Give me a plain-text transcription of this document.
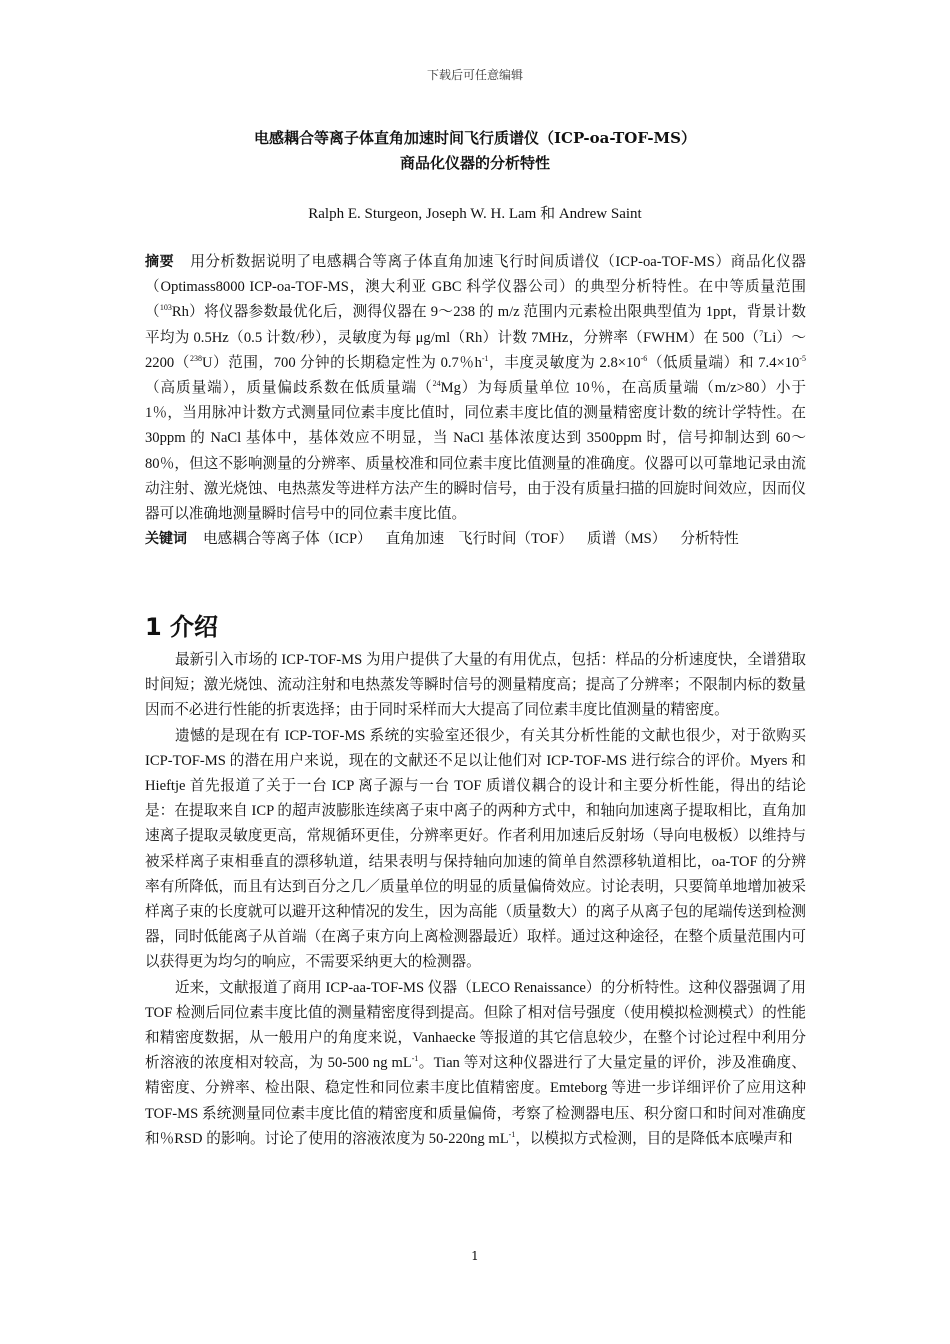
下载后可任意编辑
电感耦合等离子体直角加速时间飞行质谱仪（ICP-oa-TOF-MS）
商品化仪器的分析特性
Ralph E. Sturgeon, Joseph W. H. Lam 和 Andrew Saint
摘要 用分析数据说明了电感耦合等离子体直角加速飞行时间质谱仪（ICP-oa-TOF-MS）商品化仪器（Optimass8000 ICP-oa-TOF-MS，澳大利亚 GBC 科学仪器公司）的典型分析特性。在中等质量范围（$^{103}$Rh）将仪器参数最优化后，测得仪器在 9～238 的 m/z 范围内元素检出限典型值为 1ppt，背景计数平均为 0.5Hz（0.5 计数/秒），灵敏度为每 μg/ml（Rh）计数 7MHz，分辨率（FWHM）在 500（$^7$Li）～2200（$^{238}$U）范围，700 分钟的长期稳定性为 0.7％$h^{-1}$，丰度灵敏度为 $2.8\times 10^{-6}$（低质量端）和 $7.4\times 10^{-5}$（高质量端），质量偏歧系数在低质量端（$^{24}$Mg）为每质量单位 10％，在高质量端（m/z>80）小于 1％，当用脉冲计数方式测量同位素丰度比值时，同位素丰度比值的测量精密度计数的统计学特性。在 30ppm 的 NaCl 基体中，基体效应不明显，当 NaCl 基体浓度达到 3500ppm 时，信号抑制达到 60～80％，但这不影响测量的分辨率、质量校准和同位素丰度比值测量的准确度。仪器可以可靠地记录由流动注射、激光烧蚀、电热蒸发等进样方法产生的瞬时信号，由于没有质量扫描的回旋时间效应，因而仪器可以准确地测量瞬时信号中的同位素丰度比值。
关键词 电感耦合等离子体（ICP） 直角加速 飞行时间（TOF） 质谱（MS） 分析特性
1 介绍

最新引入市场的 ICP-TOF-MS 为用户提供了大量的有用优点，包括：样品的分析速度快，全谱猎取时间短；激光烧蚀、流动注射和电热蒸发等瞬时信号的测量精度高；提高了分辨率；不限制内标的数量因而不必进行性能的折衷选择；由于同时采样而大大提高了同位素丰度比值测量的精密度。

遗憾的是现在有 ICP-TOF-MS 系统的实验室还很少，有关其分析性能的文献也很少，对于欲购买 ICP-TOF-MS 的潜在用户来说，现在的文献还不足以让他们对 ICP-TOF-MS 进行综合的评价。Myers 和 Hieftje 首先报道了关于一台 ICP 离子源与一台 TOF 质谱仪耦合的设计和主要分析性能，得出的结论是：在提取来自 ICP 的超声波膨胀连续离子束中离子的两种方式中，和轴向加速离子提取相比，直角加速离子提取灵敏度更高，常规循环更佳，分辨率更好。作者利用加速后反射场（导向电极板）以维持与被采样离子束相垂直的漂移轨道，结果表明与保持轴向加速的简单自然漂移轨道相比，oa-TOF 的分辨率有所降低，而且有达到百分之几／质量单位的明显的质量偏倚效应。讨论表明，只要简单地增加被采样离子束的长度就可以避开这种情况的发生，因为高能（质量数大）的离子从离子包的尾端传送到检测器，同时低能离子从首端（在离子束方向上离检测器最近）取样。通过这种途径，在整个质量范围内可以获得更为均匀的响应，不需要采纳更大的检测器。

近来，文献报道了商用 ICP-aa-TOF-MS 仪器（LECO Renaissance）的分析特性。这种仪器强调了用 TOF 检测后同位素丰度比值的测量精密度得到提高。但除了相对信号强度（使用模拟检测模式）的性能和精密度数据，从一般用户的角度来说，Vanhaecke 等报道的其它信息较少，在整个讨论过程中利用分析溶液的浓度相对较高，为 50-500 ng $mL^{-1}$。Tian 等对这种仪器进行了大量定量的评价，涉及准确度、精密度、分辨率、检出限、稳定性和同位素丰度比值精密度。Emteborg 等进一步详细评价了应用这种 TOF-MS 系统测量同位素丰度比值的精密度和质量偏倚，考察了检测器电压、积分窗口和时间对准确度和％RSD 的影响。讨论了使用的溶液浓度为 50-220ng $mL^{-1}$，以模拟方式检测，目的是降低本底噪声和

1
